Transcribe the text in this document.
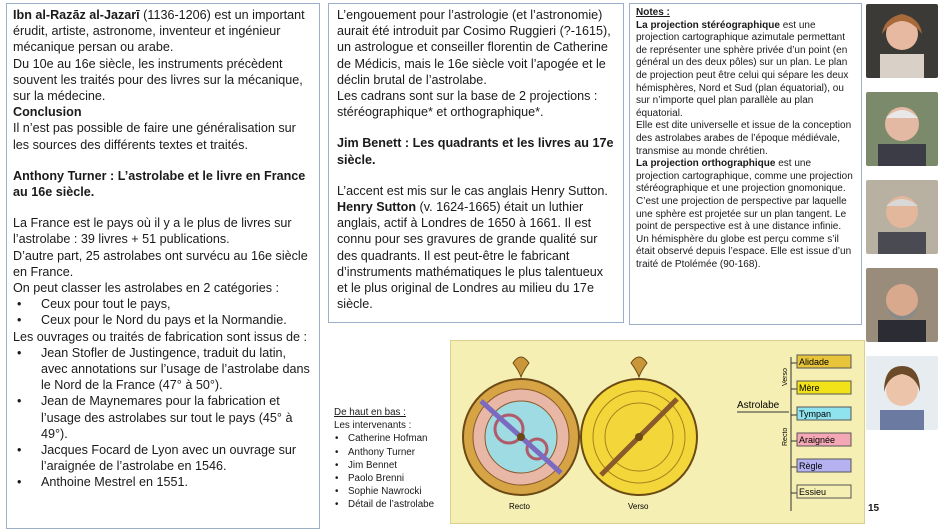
Ibn al-Razāz al-Jazarī (1136-1206) est un important érudit, artiste, astronome, inventeur et ingénieur mécanique persan ou arabe.

Du 10e au 16e siècle, les instruments précèdent souvent les traités pour des livres sur la mécanique, sur la médecine.

Conclusion

Il n’est pas possible de faire une généralisation sur les sources des différents textes et traités.

Anthony Turner : L’astrolabe et le livre en France au 16e siècle.

La France est le pays où il y a le plus de livres sur l’astrolabe : 39 livres + 51 publications.

D’autre part, 25 astrolabes ont survécu au 16e siècle en France.

On peut classer les astrolabes en 2 catégories :

• Ceux pour tout le pays,
• Ceux pour le Nord du pays et la Normandie.

Les ouvrages ou traités de fabrication sont issus de :

• Jean Stofler de Justingence, traduit du latin, avec annotations sur l’usage de l’astrolabe dans le Nord de la France (47° à 50°).
• Jean de Maynemares pour la fabrication et l’usage des astrolabes sur tout le pays (45° à 49°).
• Jacques Focard de Lyon avec un ouvrage sur l’araignée de l’astrolabe en 1546.
• Anthoine Mestrel en 1551.

L’engouement pour l’astrologie (et l’astronomie) aurait été introduit par Cosimo Ruggieri (?-1615), un astrologue et conseiller florentin de Catherine de Médicis, mais le 16e siècle voit l’apogée et le déclin brutal de l’astrolabe.

Les cadrans sont sur la base de 2 projections : stéréographique* et orthographique*.

Jim Benett : Les quadrants et les livres au 17e siècle.

L’accent est mis sur le cas anglais Henry Sutton.

Henry Sutton (v. 1624-1665) était un luthier anglais, actif à Londres de 1650 à 1661. Il est connu pour ses gravures de grande qualité sur des quadrants. Il est peut-être le fabricant d’instruments mathématiques le plus talentueux et le plus original de Londres au milieu du 17e siècle.

Notes :

La projection stéréographique est une projection cartographique azimutale permettant de représenter une sphère privée d’un point (en général un des deux pôles) sur un plan. Le plan de projection peut être celui qui sépare les deux hémisphères, Nord et Sud (plan équatorial), ou sur n’importe quel plan parallèle au plan équatorial.

Elle est dite universelle et issue de la conception des astrolabes arabes de l’époque médiévale, transmise au monde chrétien.

La projection orthographique est une projection cartographique, comme une projection stéréographique et une projection gnomonique. C’est une projection de perspective par laquelle une sphère est projetée sur un plan tangent. Le point de perspective est à une distance infinie. Un hémisphère du globe est perçu comme s’il était observé depuis l’espace. Elle est issue d’un traité de Ptolémée (90-168).

De haut en bas :

Les intervenants :

• Catherine Hofman
• Anthony Turner
• Jim Bennet
• Paolo Brenni
• Sophie Nawrocki
• Détail de l’astrolabe	Recto	Verso
Astrolabe
Verso
Recto
Alidade
Mère
Tympan
Araignée
Règle
Essieu
15
